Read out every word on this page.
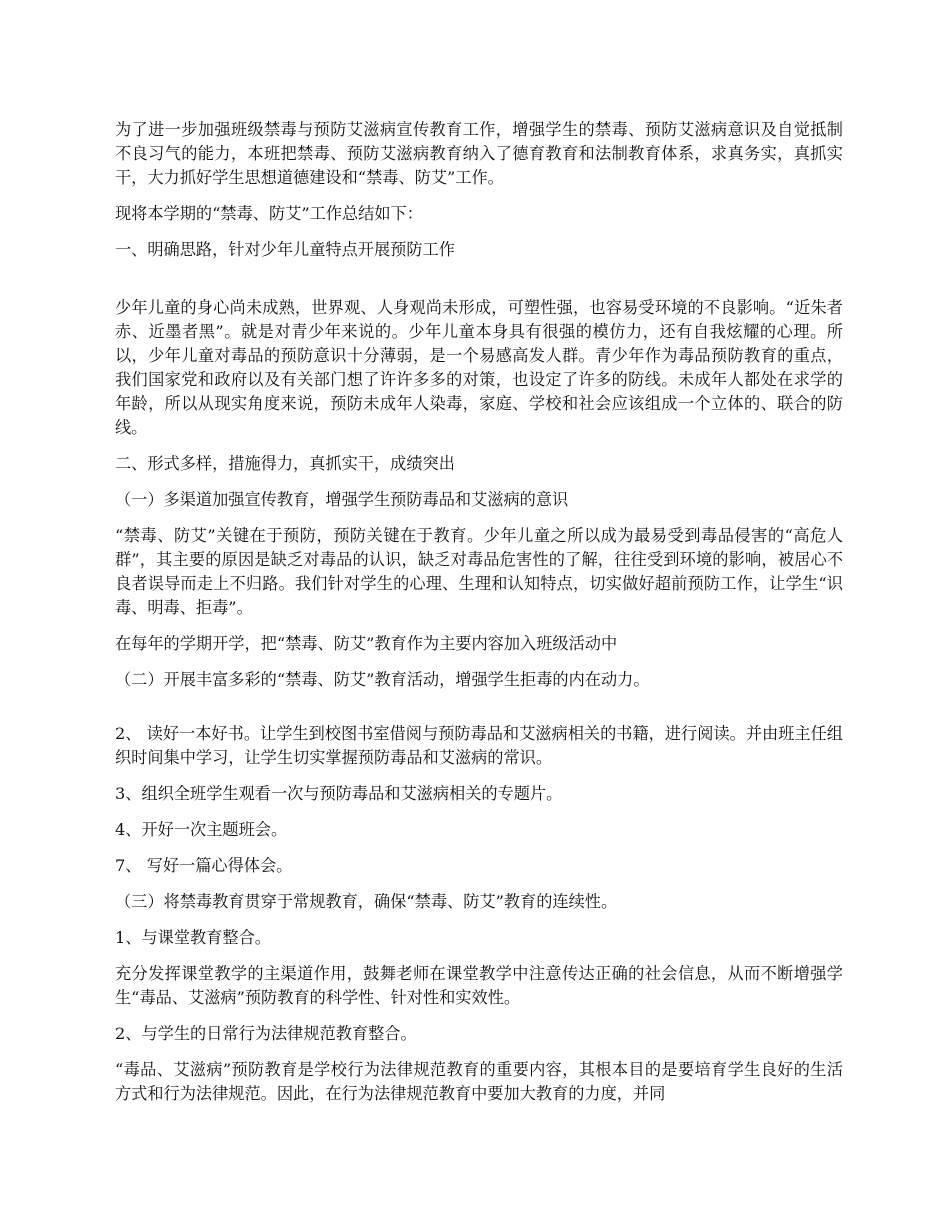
为了进一步加强班级禁毒与预防艾滋病宣传教育工作，增强学生的禁毒、预防艾滋病意识及自觉抵制不良习气的能力，本班把禁毒、预防艾滋病教育纳入了德育教育和法制教育体系，求真务实，真抓实干，大力抓好学生思想道德建设和“禁毒、防艾”工作。

现将本学期的“禁毒、防艾”工作总结如下：

一、明确思路，针对少年儿童特点开展预防工作

少年儿童的身心尚未成熟，世界观、人身观尚未形成，可塑性强，也容易受环境的不良影响。“近朱者赤、近墨者黑”。就是对青少年来说的。少年儿童本身具有很强的模仿力，还有自我炫耀的心理。所以，少年儿童对毒品的预防意识十分薄弱，是一个易感高发人群。青少年作为毒品预防教育的重点，我们国家党和政府以及有关部门想了许许多多的对策，也设定了许多的防线。未成年人都处在求学的年龄，所以从现实角度来说，预防未成年人染毒，家庭、学校和社会应该组成一个立体的、联合的防线。

二、形式多样，措施得力，真抓实干，成绩突出

（一）多渠道加强宣传教育，增强学生预防毒品和艾滋病的意识

“禁毒、防艾”关键在于预防，预防关键在于教育。少年儿童之所以成为最易受到毒品侵害的“高危人群”，其主要的原因是缺乏对毒品的认识，缺乏对毒品危害性的了解，往往受到环境的影响，被居心不良者误导而走上不归路。我们针对学生的心理、生理和认知特点，切实做好超前预防工作，让学生“识毒、明毒、拒毒”。

在每年的学期开学，把“禁毒、防艾”教育作为主要内容加入班级活动中

（二）开展丰富多彩的“禁毒、防艾”教育活动，增强学生拒毒的内在动力。

2、 读好一本好书。让学生到校图书室借阅与预防毒品和艾滋病相关的书籍，进行阅读。并由班主任组织时间集中学习，让学生切实掌握预防毒品和艾滋病的常识。

3、组织全班学生观看一次与预防毒品和艾滋病相关的专题片。

4、开好一次主题班会。

7、 写好一篇心得体会。

（三）将禁毒教育贯穿于常规教育，确保“禁毒、防艾”教育的连续性。

1、与课堂教育整合。

充分发挥课堂教学的主渠道作用，鼓舞老师在课堂教学中注意传达正确的社会信息，从而不断增强学生“毒品、艾滋病”预防教育的科学性、针对性和实效性。

2、与学生的日常行为法律规范教育整合。

“毒品、艾滋病”预防教育是学校行为法律规范教育的重要内容，其根本目的是要培育学生良好的生活方式和行为法律规范。因此，在行为法律规范教育中要加大教育的力度，并同
